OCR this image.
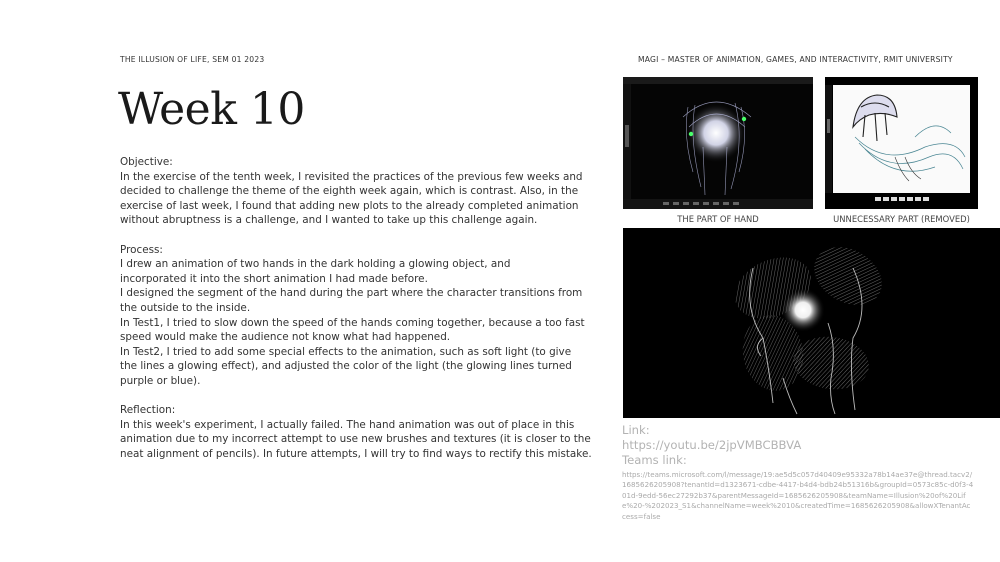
THE ILLUSION OF LIFE, SEM 01 2023	MAGI – MASTER OF ANIMATION, GAMES, AND INTERACTIVITY, RMIT UNIVERSITY
Week 10
Objective:
In the exercise of the tenth week, I revisited the practices of the previous few weeks and
decided to challenge the theme of the eighth week again, which is contrast. Also, in the
exercise of last week, I found that adding new plots to the already completed animation
without abruptness is a challenge, and I wanted to take up this challenge again.
Process:
I drew an animation of two hands in the dark holding a glowing object, and
incorporated it into the short animation I had made before.
I designed the segment of the hand during the part where the character transitions from
the outside to the inside.
In Test1, I tried to slow down the speed of the hands coming together, because a too fast
speed would make the audience not know what had happened.
In Test2, I tried to add some special effects to the animation, such as soft light (to give
the lines a glowing effect), and adjusted the color of the light (the glowing lines turned
purple or blue).
Reflection:
In this week's experiment, I actually failed. The hand animation was out of place in this
animation due to my incorrect attempt to use new brushes and textures (it is closer to the
neat alignment of pencils). In future attempts, I will try to find ways to rectify this mistake.
THE PART OF HAND	UNNECESSARY PART (REMOVED)
Link:
https://youtu.be/2jpVMBCBBVA
Teams link:
https://teams.microsoft.com/l/message/19:ae5d5c057d40409e95332a78b14ae37e@thread.tacv2/1685626205908?tenantId=d1323671-cdbe-4417-b4d4-bdb24b51316b&groupId=0573c85c-d0f3-401d-9edd-56ec27292b37&parentMessageId=1685626205908&teamName=Illusion%20of%20Life%20-%202023_S1&channelName=week%2010&createdTime=1685626205908&allowXTenantAccess=false
